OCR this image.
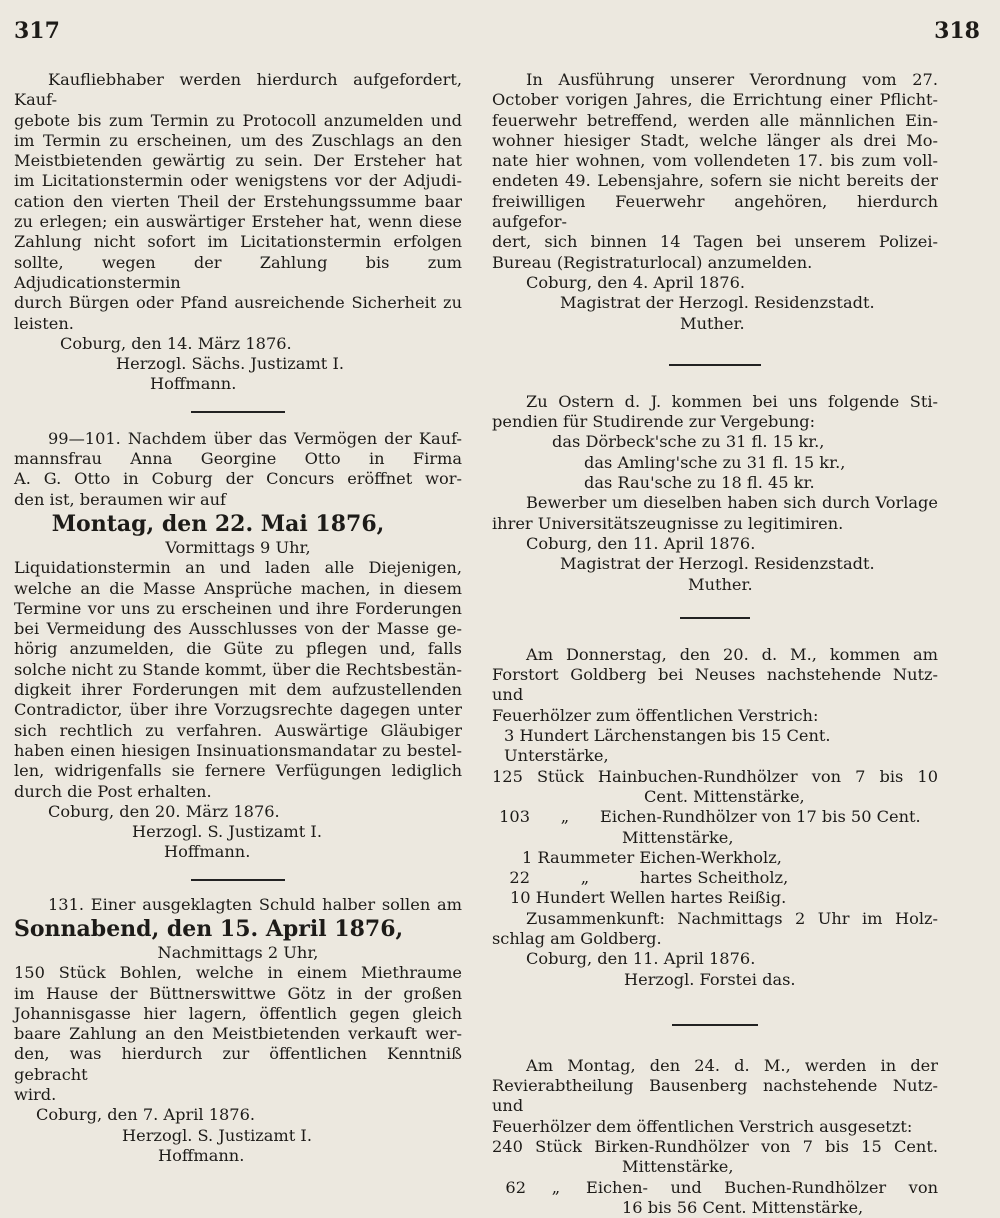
317	318

Kaufliebhaber werden hierdurch aufgefordert, Kauf-

gebote bis zum Termin zu Protocoll anzumelden und

im Termin zu erscheinen, um des Zuschlags an den

Meistbietenden gewärtig zu sein. Der Ersteher hat

im Licitationstermin oder wenigstens vor der Adjudi-

cation den vierten Theil der Erstehungssumme baar

zu erlegen; ein auswärtiger Ersteher hat, wenn diese

Zahlung nicht sofort im Licitationstermin erfolgen

sollte, wegen der Zahlung bis zum Adjudicationstermin

durch Bürgen oder Pfand ausreichende Sicherheit zu

leisten.

Coburg, den 14. März 1876.

Herzogl. Sächs. Justizamt I.

Hoffmann.

99—101. Nachdem über das Vermögen der Kauf-

mannsfrau Anna Georgine Otto in Firma

A. G. Otto in Coburg der Concurs eröffnet wor-

den ist, beraumen wir auf

Montag, den 22. Mai 1876,

Vormittags 9 Uhr,

Liquidationstermin an und laden alle Diejenigen,

welche an die Masse Ansprüche machen, in diesem

Termine vor uns zu erscheinen und ihre Forderungen

bei Vermeidung des Ausschlusses von der Masse ge-

hörig anzumelden, die Güte zu pflegen und, falls

solche nicht zu Stande kommt, über die Rechtsbestän-

digkeit ihrer Forderungen mit dem aufzustellenden

Contradictor, über ihre Vorzugsrechte dagegen unter

sich rechtlich zu verfahren. Auswärtige Gläubiger

haben einen hiesigen Insinuationsmandatar zu bestel-

len, widrigenfalls sie fernere Verfügungen lediglich

durch die Post erhalten.

Coburg, den 20. März 1876.

Herzogl. S. Justizamt I.

Hoffmann.

131. Einer ausgeklagten Schuld halber sollen am

Sonnabend, den 15. April 1876,

Nachmittags 2 Uhr,

150 Stück Bohlen, welche in einem Miethraume

im Hause der Büttnerswittwe Götz in der großen

Johannisgasse hier lagern, öffentlich gegen gleich

baare Zahlung an den Meistbietenden verkauft wer-

den, was hierdurch zur öffentlichen Kenntniß gebracht

wird.

Coburg, den 7. April 1876.

Herzogl. S. Justizamt I.

Hoffmann.

In Ausführung unserer Verordnung vom 27.

October vorigen Jahres, die Errichtung einer Pflicht-

feuerwehr betreffend, werden alle männlichen Ein-

wohner hiesiger Stadt, welche länger als drei Mo-

nate hier wohnen, vom vollendeten 17. bis zum voll-

endeten 49. Lebensjahre, sofern sie nicht bereits der

freiwilligen Feuerwehr angehören, hierdurch aufgefor-

dert, sich binnen 14 Tagen bei unserem Polizei-

Bureau (Registraturlocal) anzumelden.

Coburg, den 4. April 1876.

Magistrat der Herzogl. Residenzstadt.

Muther.

Zu Ostern d. J. kommen bei uns folgende Sti-

pendien für Studirende zur Vergebung:

das Dörbeck'sche zu 31 fl. 15 kr.,

das Amling'sche zu 31 fl. 15 kr.,

das Rau'sche zu 18 fl. 45 kr.

Bewerber um dieselben haben sich durch Vorlage

ihrer Universitätszeugnisse zu legitimiren.

Coburg, den 11. April 1876.

Magistrat der Herzogl. Residenzstadt.

Muther.

Am Donnerstag, den 20. d. M., kommen am

Forstort Goldberg bei Neuses nachstehende Nutz- und

Feuerhölzer zum öffentlichen Verstrich:

3 Hundert Lärchenstangen bis 15 Cent. Unterstärke,

125 Stück Hainbuchen-Rundhölzer von 7 bis 10

Cent. Mittenstärke,

103	„	Eichen-Rundhölzer von 17 bis 50 Cent.

Mittenstärke,

1 Raummeter Eichen-Werkholz,

22	„	hartes Scheitholz,

10 Hundert Wellen hartes Reißig.

Zusammenkunft: Nachmittags 2 Uhr im Holz-

schlag am Goldberg.

Coburg, den 11. April 1876.

Herzogl. Forstei das.

Am Montag, den 24. d. M., werden in der

Revierabtheilung Bausenberg nachstehende Nutz- und

Feuerhölzer dem öffentlichen Verstrich ausgesetzt:

240 Stück Birken-Rundhölzer von 7 bis 15 Cent.

Mittenstärke,

62	„	Eichen- und Buchen-Rundhölzer von

16 bis 56 Cent. Mittenstärke,
